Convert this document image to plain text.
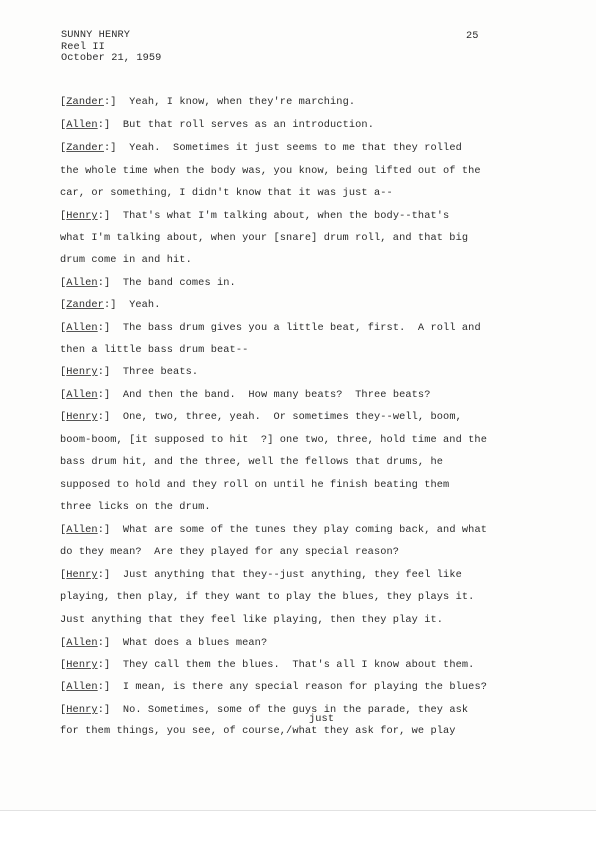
SUNNY HENRY
Reel II
October 21, 1959
25
[Zander:]  Yeah, I know, when they're marching.
[Allen:]  But that roll serves as an introduction.
[Zander:]  Yeah.  Sometimes it just seems to me that they rolled
the whole time when the body was, you know, being lifted out of the
car, or something, I didn't know that it was just a--
[Henry:]  That's what I'm talking about, when the body--that's
what I'm talking about, when your [snare] drum roll, and that big
drum come in and hit.
[Allen:]  The band comes in.
[Zander:]  Yeah.
[Allen:]  The bass drum gives you a little beat, first.  A roll and
then a little bass drum beat--
[Henry:]  Three beats.
[Allen:]  And then the band.  How many beats?  Three beats?
[Henry:]  One, two, three, yeah.  Or sometimes they--well, boom,
boom-boom, [it supposed to hit  ?] one two, three, hold time and the
bass drum hit, and the three, well the fellows that drums, he
supposed to hold and they roll on until he finish beating them
three licks on the drum.
[Allen:]  What are some of the tunes they play coming back, and what
do they mean?  Are they played for any special reason?
[Henry:]  Just anything that they--just anything, they feel like
playing, then play, if they want to play the blues, they plays it.
Just anything that they feel like playing, then they play it.
[Allen:]  What does a blues mean?
[Henry:]  They call them the blues.  That's all I know about them.
[Allen:]  I mean, is there any special reason for playing the blues?
[Henry:]  No. Sometimes, some of the guys in the parade, they ask
for them things, you see, of course,/what they ask for, we play
just
